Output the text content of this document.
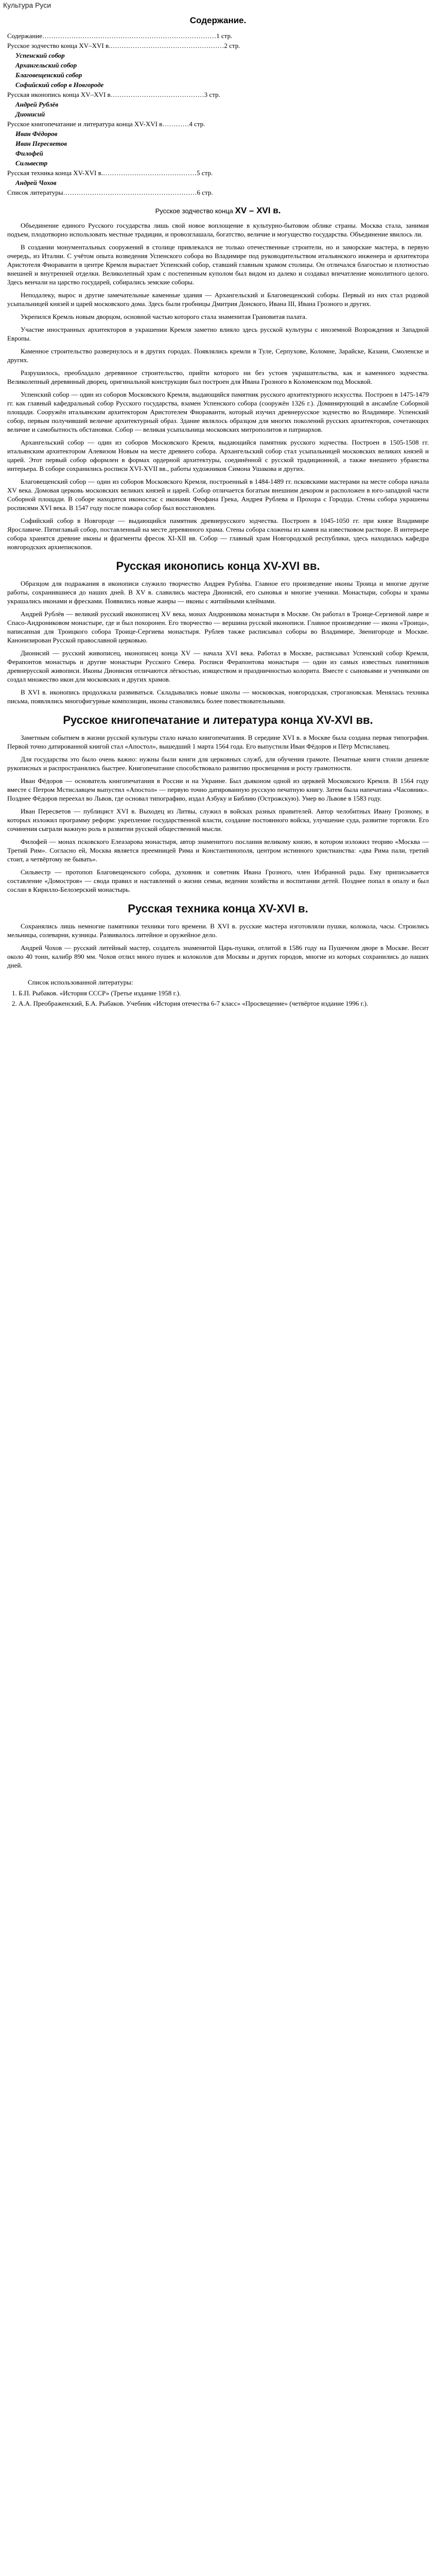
Культура Руси
Содержание.
Содержание……………………………………………………………………1 стр.
Русское зодчество конца XV–XVI в.……………………………………………2 стр.
Успенский собор
Архангельский собор
Благовещенский собор
Софийский собор в Новгороде
Русская иконопись конца XV–XVI в……………………………………3 стр.
Андрей Рублёв
Дионисий
Русское книгопечатание и литература конца XV-XVI в…………4 стр.
Иван Фёдоров
Иван Пересветов
Филофей
Сильвестр
Русская техника конца XV-XVI в.……………………………………5 стр.
Андрей Чохов
Список литературы……………………………………………………6 стр.
Русское зодчество конца XV – XVI в.

Объединение единого Русского государства лишь свой новое воплощение в культурно-бытовом облике страны. Москва стала, занимая подъем, плодотворно использовать местные традиции, и провозглашала, богатство, величие и могущество государства. Объединение явилось ли.

В создании монументальных сооружений в столице привлекался не только отечественные строители, но и заморские мастера, в первую очередь, из Италии. С учётом опыта возведения Успенского собора во Владимире под руководительством итальянского инженера и архитектора Аристотеля Фиораванти в центре Кремля вырастает Успенский собор, ставший главным храмом столицы. Он отличался благостью и плотностью внешней и внутренней отделки. Великолепный храм с постепенным куполом был видом из далеко и создавал впечатление монолитного целого. Здесь венчали на царство государей, собирались земские соборы.

Неподалеку, вырос и другие замечательные каменные здания — Архангельский и Благовещенский соборы. Первый из них стал родовой усыпальницей князей и царей московского дома. Здесь были гробницы Дмитрия Донского, Ивана III, Ивана Грозного и других.

Укрепился Кремль новым дворцом, основной частью которого стала знаменитая Грановитая палата.

Участие иностранных архитекторов в украшении Кремля заметно влияло здесь русской культуры с иноземной Возрождения и Западной Европы.

Каменное строительство развернулось и в других городах. Появлялись кремли в Туле, Серпухове, Коломне, Зарайске, Казани, Смоленске и других.

Разрушилось, преобладало деревянное строительство, прийти которого ни без устоев украшательства, как и каменного зодчества. Великолепный деревянный дворец, оригинальной конструкции был построен для Ивана Грозного в Коломенском под Москвой.

Успенский собор — один из соборов Московского Кремля, выдающийся памятник русского архитектурного искусства. Построен в 1475-1479 гг. как главный кафедральный собор Русского государства, взамен Успенского собора (сооружён 1326 г.). Доминирующий в ансамбле Соборной площади. Сооружён итальянским архитектором Аристотелем Фиораванти, который изучил древнерусское зодчество во Владимире. Успенский собор, первым получивший величие архитектурный образ. Здание являлось образцом для многих поколений русских архитекторов, сочетающих величие и самобытность обстановки. Собор — великая усыпальница московских митрополитов и патриархов.

Архангельский собор — один из соборов Московского Кремля, выдающийся памятник русского зодчества. Построен в 1505-1508 гг. итальянским архитектором Алевизом Новым на месте древнего собора. Архангельский собор стал усыпальницей московских великих князей и царей. Этот первый собор оформлен в формах ордерной архитектуры, соединённой с русской традиционной, а также внешнего убранства интерьера. В соборе сохранились росписи XVI-XVII вв., работы художников Симона Ушакова и других.

Благовещенский собор — один из соборов Московского Кремля, построенный в 1484-1489 гг. псковскими мастерами на месте собора начала XV века. Домовая церковь московских великих князей и царей. Собор отличается богатым внешним декором и расположен в юго-западной части Соборной площади. В соборе находится иконостас с иконами Феофана Грека, Андрея Рублева и Прохора с Городца. Стены собора украшены росписями XVI века. В 1547 году после пожара собор был восстановлен.

Софийский собор в Новгороде — выдающийся памятник древнерусского зодчества. Построен в 1045-1050 гг. при князе Владимире Ярославиче. Пятиглавый собор, поставленный на месте деревянного храма. Стены собора сложены из камня на известковом растворе. В интерьере собора хранятся древние иконы и фрагменты фресок XI-XII вв. Собор — главный храм Новгородской республики, здесь находилась кафедра новгородских архиепископов.

Русская иконопись конца XV-XVI вв.

Образцом для подражания в иконописи служило творчество Андрея Рублёва. Главное его произведение иконы Троица и многие другие работы, сохранившиеся до наших дней. В XV в. славились мастера Дионисий, его сыновья и многие ученики. Монастыри, соборы и храмы украшались иконами и фресками. Появились новые жанры — иконы с житийными клеймами.

Андрей Рублёв — великий русский иконописец XV века, монах Андроникова монастыря в Москве. Он работал в Троице-Сергиевой лавре и Спасо-Андрониковом монастыре, где и был похоронен. Его творчество — вершина русской иконописи. Главное произведение — икона «Троица», написанная для Троицкого собора Троице-Сергиева монастыря. Рублев также расписывал соборы во Владимире, Звенигороде и Москве. Канонизирован Русской православной церковью.

Дионисий — русский живописец, иконописец конца XV — начала XVI века. Работал в Москве, расписывал Успенский собор Кремля, Ферапонтов монастырь и другие монастыри Русского Севера. Росписи Ферапонтова монастыря — один из самых известных памятников древнерусской живописи. Иконы Дионисия отличаются лёгкостью, изяществом и праздничностью колорита. Вместе с сыновьями и учениками он создал множество икон для московских и других храмов.

В XVI в. иконопись продолжала развиваться. Складывались новые школы — московская, новгородская, строгановская. Менялась техника письма, появлялись многофигурные композиции, иконы становились более повествовательными.

Русское книгопечатание и литература конца XV-XVI вв.

Заметным событием в жизни русской культуры стало начало книгопечатания. В середине XVI в. в Москве была создана первая типография. Первой точно датированной книгой стал «Апостол», вышедший 1 марта 1564 года. Его выпустили Иван Фёдоров и Пётр Мстиславец.

Для государства это было очень важно: нужны были книги для церковных служб, для обучения грамоте. Печатные книги стоили дешевле рукописных и распространялись быстрее. Книгопечатание способствовало развитию просвещения и росту грамотности.

Иван Фёдоров — основатель книгопечатания в России и на Украине. Был дьяконом одной из церквей Московского Кремля. В 1564 году вместе с Петром Мстиславцем выпустил «Апостол» — первую точно датированную русскую печатную книгу. Затем была напечатана «Часовник». Позднее Фёдоров переехал во Львов, где основал типографию, издал Азбуку и Библию (Острожскую). Умер во Львове в 1583 году.

Иван Пересветов — публицист XVI в. Выходец из Литвы, служил в войсках разных правителей. Автор челобитных Ивану Грозному, в которых изложил программу реформ: укрепление государственной власти, создание постоянного войска, улучшение суда, развитие торговли. Его сочинения сыграли важную роль в развитии русской общественной мысли.

Филофей — монах псковского Елеазарова монастыря, автор знаменитого послания великому князю, в котором изложил теорию «Москва — Третий Рим». Согласно ей, Москва является преемницей Рима и Константинополя, центром истинного христианства: «два Рима пали, третий стоит, а четвёртому не бывать».

Сильвестр — протопоп Благовещенского собора, духовник и советник Ивана Грозного, член Избранной рады. Ему приписывается составление «Домостроя» — свода правил и наставлений о жизни семьи, ведении хозяйства и воспитании детей. Позднее попал в опалу и был сослан в Кирилло-Белозерский монастырь.

Русская техника конца XV-XVI в.

Сохранялись лишь немногие памятники техники того времени. В XVI в. русские мастера изготовляли пушки, колокола, часы. Строились мельницы, солеварни, кузницы. Развивалось литейное и оружейное дело.

Андрей Чохов — русский литейный мастер, создатель знаменитой Царь-пушки, отлитой в 1586 году на Пушечном дворе в Москве. Весит около 40 тонн, калибр 890 мм. Чохов отлил много пушек и колоколов для Москвы и других городов, многие из которых сохранились до наших дней.

Список использованной литературы:
1. Б.П. Рыбаков. «История СССР» (Третье издание 1958 г.).
2. А.А. Преображенский, Б.А. Рыбаков. Учебник «История отечества 6-7 класс» «Просвещение» (четвёртое издание 1996 г.).
